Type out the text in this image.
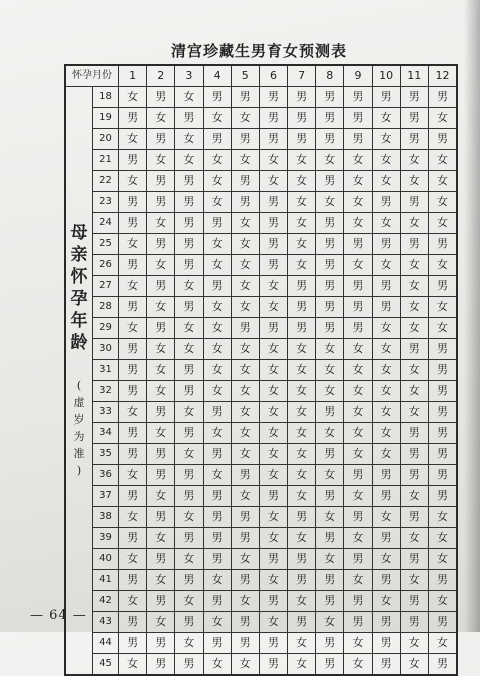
清宫珍藏生男育女预测表
怀孕月份	1	2	3	4	5	6	7	8	9	10	11	12
母
亲
怀
孕
年
龄
(
虚
岁
为
准
)
18	女	男	女	男	男	男	男	男	男	男	男	男
19	男	女	男	女	女	男	男	男	男	女	男	女
20	女	男	女	男	男	男	男	男	男	女	男	男
21	男	女	女	女	女	女	女	女	女	女	女	女
22	女	男	男	女	男	女	女	男	女	女	女	女
23	男	男	男	女	男	男	女	女	女	男	男	女
24	男	女	男	男	女	男	女	男	女	女	女	女
25	女	男	男	女	女	男	女	男	男	男	男	男
26	男	女	男	女	女	男	女	男	女	女	女	女
27	女	男	女	男	女	女	男	男	男	男	女	男
28	男	女	男	女	女	女	男	男	男	男	女	女
29	女	男	女	女	男	男	男	男	男	女	女	女
30	男	女	女	女	女	女	女	女	女	女	男	男
31	男	女	男	女	女	女	女	女	女	女	女	男
32	男	女	男	女	女	女	女	女	女	女	女	男
33	女	男	女	男	女	女	女	男	女	女	女	男
34	男	女	男	女	女	女	女	女	女	女	男	男
35	男	男	女	男	女	女	女	男	女	女	男	男
36	女	男	男	女	男	女	女	女	男	男	男	男
37	男	女	男	男	女	男	女	男	女	男	女	男
38	女	男	女	男	男	女	男	女	男	女	男	女
39	男	女	男	男	男	女	女	男	女	男	女	女
40	女	男	女	男	女	男	男	女	男	女	男	女
41	男	女	男	女	男	女	男	男	女	男	女	男
42	女	男	女	男	女	男	女	男	男	女	男	女
43	男	女	男	女	男	女	男	女	男	男	男	男
44	男	男	女	男	男	男	女	男	女	男	女	女
45	女	男	男	女	女	男	女	男	女	男	女	男
— 64 —
